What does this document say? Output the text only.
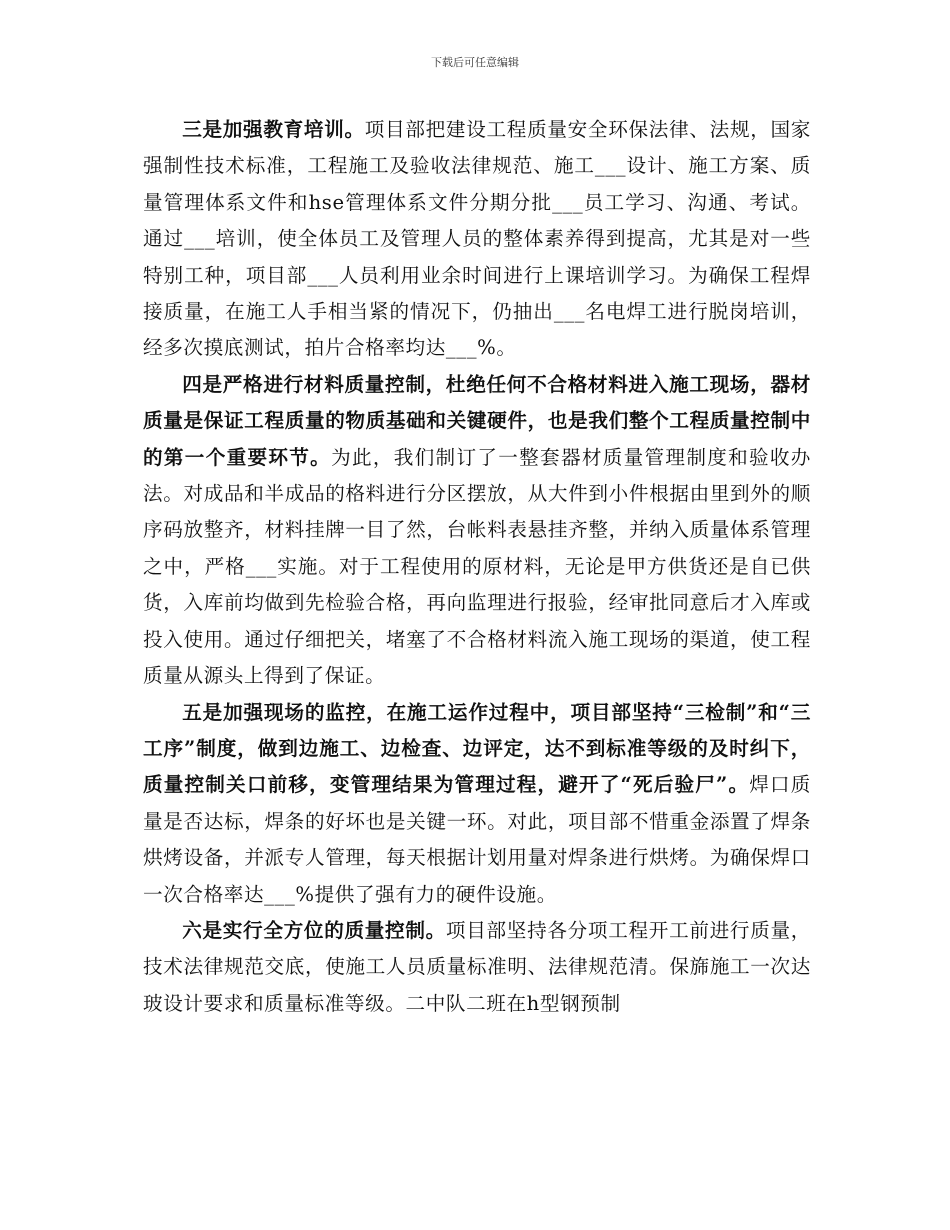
下载后可任意编辑

三是加强教育培训。项目部把建设工程质量安全环保法律、法规，国家强制性技术标准，工程施工及验收法律规范、施工___设计、施工方案、质量管理体系文件和hse管理体系文件分期分批___员工学习、沟通、考试。通过___培训，使全体员工及管理人员的整体素养得到提高，尤其是对一些特别工种，项目部___人员利用业余时间进行上课培训学习。为确保工程焊接质量，在施工人手相当紧的情况下，仍抽出___名电焊工进行脱岗培训，经多次摸底测试，拍片合格率均达___%。

四是严格进行材料质量控制，杜绝任何不合格材料进入施工现场，器材质量是保证工程质量的物质基础和关键硬件，也是我们整个工程质量控制中的第一个重要环节。为此，我们制订了一整套器材质量管理制度和验收办法。对成品和半成品的格料进行分区摆放，从大件到小件根据由里到外的顺序码放整齐，材料挂牌一目了然，台帐料表悬挂齐整，并纳入质量体系管理之中，严格___实施。对于工程使用的原材料，无论是甲方供货还是自已供货，入库前均做到先检验合格，再向监理进行报验，经审批同意后才入库或投入使用。通过仔细把关，堵塞了不合格材料流入施工现场的渠道，使工程质量从源头上得到了保证。

五是加强现场的监控，在施工运作过程中，项目部坚持“三检制”和“三工序”制度，做到边施工、边检查、边评定，达不到标准等级的及时纠下，质量控制关口前移，变管理结果为管理过程，避开了“死后验尸”。焊口质量是否达标，焊条的好坏也是关键一环。对此，项目部不惜重金添置了焊条烘烤设备，并派专人管理，每天根据计划用量对焊条进行烘烤。为确保焊口一次合格率达___%提供了强有力的硬件设施。

六是实行全方位的质量控制。项目部坚持各分项工程开工前进行质量，技术法律规范交底，使施工人员质量标准明、法律规范清。保旆施工一次达玻设计要求和质量标准等级。二中队二班在h型钢预制
